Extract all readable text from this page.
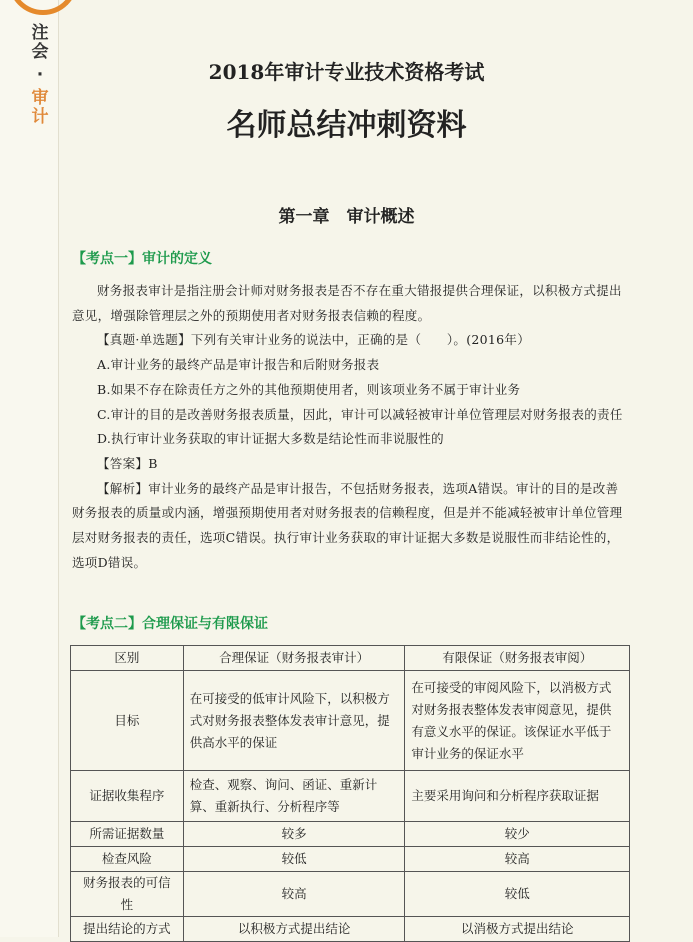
注会
·
审计
2018年审计专业技术资格考试
名师总结冲刺资料
第一章　审计概述
【考点一】审计的定义

财务报表审计是指注册会计师对财务报表是否不存在重大错报提供合理保证，以积极方式提出意见，增强除管理层之外的预期使用者对财务报表信赖的程度。

【真题·单选题】下列有关审计业务的说法中，正确的是（　　）。(2016年）

A.审计业务的最终产品是审计报告和后附财务报表

B.如果不存在除责任方之外的其他预期使用者，则该项业务不属于审计业务

C.审计的目的是改善财务报表质量，因此，审计可以减轻被审计单位管理层对财务报表的责任

D.执行审计业务获取的审计证据大多数是结论性而非说服性的

【答案】B

【解析】审计业务的最终产品是审计报告，不包括财务报表，选项A错误。审计的目的是改善财务报表的质量或内涵，增强预期使用者对财务报表的信赖程度，但是并不能减轻被审计单位管理层对财务报表的责任，选项C错误。执行审计业务获取的审计证据大多数是说服性而非结论性的，选项D错误。

【考点二】合理保证与有限保证
区别	合理保证（财务报表审计）	有限保证（财务报表审阅）
目标	在可接受的低审计风险下，以积极方式对财务报表整体发表审计意见，提供高水平的保证	在可接受的审阅风险下，以消极方式对财务报表整体发表审阅意见，提供有意义水平的保证。该保证水平低于审计业务的保证水平
证据收集程序	检查、观察、询问、函证、重新计算、重新执行、分析程序等	主要采用询问和分析程序获取证据
所需证据数量	较多	较少
检查风险	较低	较高
财务报表的可信性	较高	较低
提出结论的方式	以积极方式提出结论	以消极方式提出结论
